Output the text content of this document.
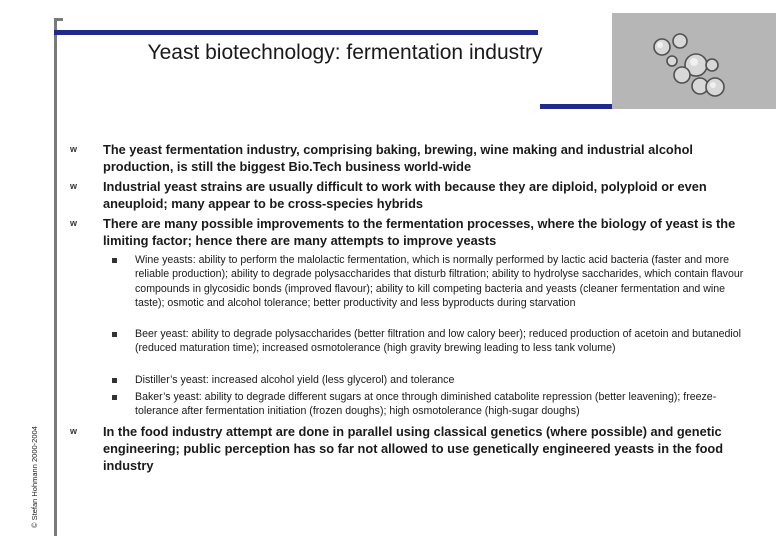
Yeast biotechnology: fermentation industry
© Stefan Hohmann 2000-2004
w The yeast fermentation industry, comprising baking, brewing, wine making and industrial alcohol production, is still the biggest Bio.Tech business world-wide
w Industrial yeast strains are usually difficult to work with because they are diploid, polyploid or even aneuploid; many appear to be cross-species hybrids
w There are many possible improvements to the fermentation processes, where the biology of yeast is the limiting factor; hence there are many attempts to improve yeasts
Wine yeasts: ability to perform the malolactic fermentation, which is normally performed by lactic acid bacteria (faster and more reliable production); ability to degrade polysaccharides that disturb filtration; ability to hydrolyse saccharides, which contain flavour compounds in glycosidic bonds (improved flavour); ability to kill competing bacteria and yeasts (cleaner fermentation and wine taste); osmotic and alcohol tolerance; better productivity and less byproducts during starvation
Beer yeast: ability to degrade polysaccharides (better filtration and low calory beer); reduced production of acetoin and butanediol (reduced maturation time); increased osmotolerance (high gravity brewing leading to less tank volume)
Distiller’s yeast: increased alcohol yield (less glycerol) and tolerance
Baker’s yeast: ability to degrade different sugars at once through diminished catabolite repression (better leavening); freeze-tolerance after fermentation initiation (frozen doughs); high osmotolerance (high-sugar doughs)
w In the food industry attempt are done in parallel using classical genetics (where possible) and genetic engineering; public perception has so far not allowed to use genetically engineered yeasts in the food industry
